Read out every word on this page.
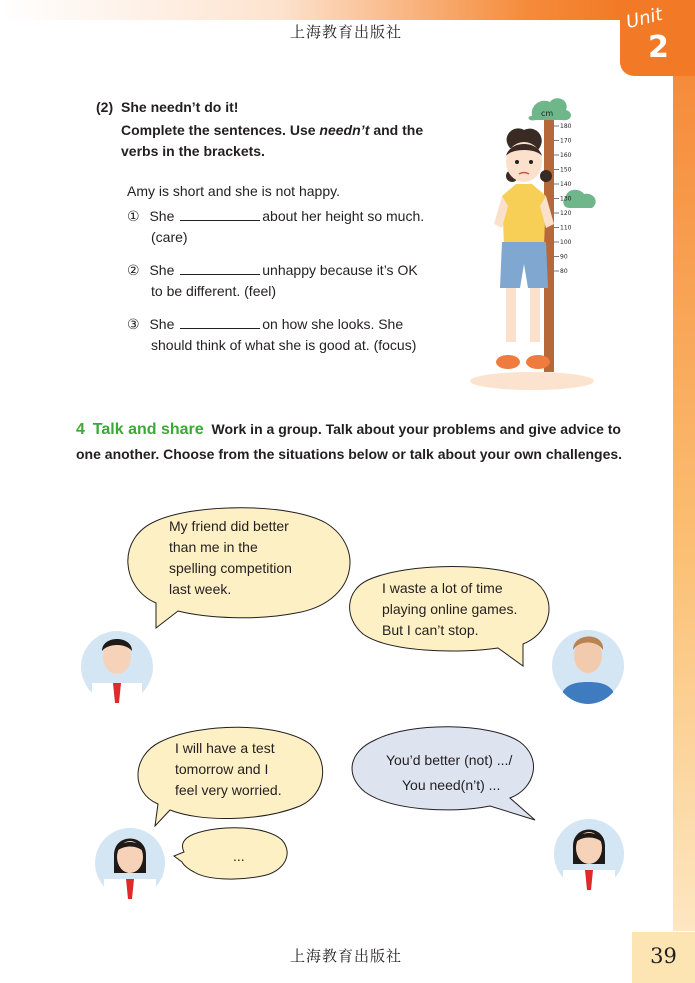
上海教育出版社	Unit
2
(2) She needn’t do it!
Complete the sentences. Use needn’t and the verbs in the brackets.
Amy is short and she is not happy.
① She	about her height so much.
(care)
② She	unhappy because it’s OK
to be different. (feel)
③ She	on how she looks. She
should think of what she is good at. (focus)
cm
180
170
160
150
140
130
120
110
100
90
80
4 Talk and share Work in a group. Talk about your problems and give advice to one another. Choose from the situations below or talk about your own challenges.
My friend did better
than me in the
spelling competition
last week.	I waste a lot of time
playing online games.
But I can’t stop.
I will have a test
tomorrow and I
feel very worried.
You’d better (not) .../
You need(n’t) ...
...
上海教育出版社	39
